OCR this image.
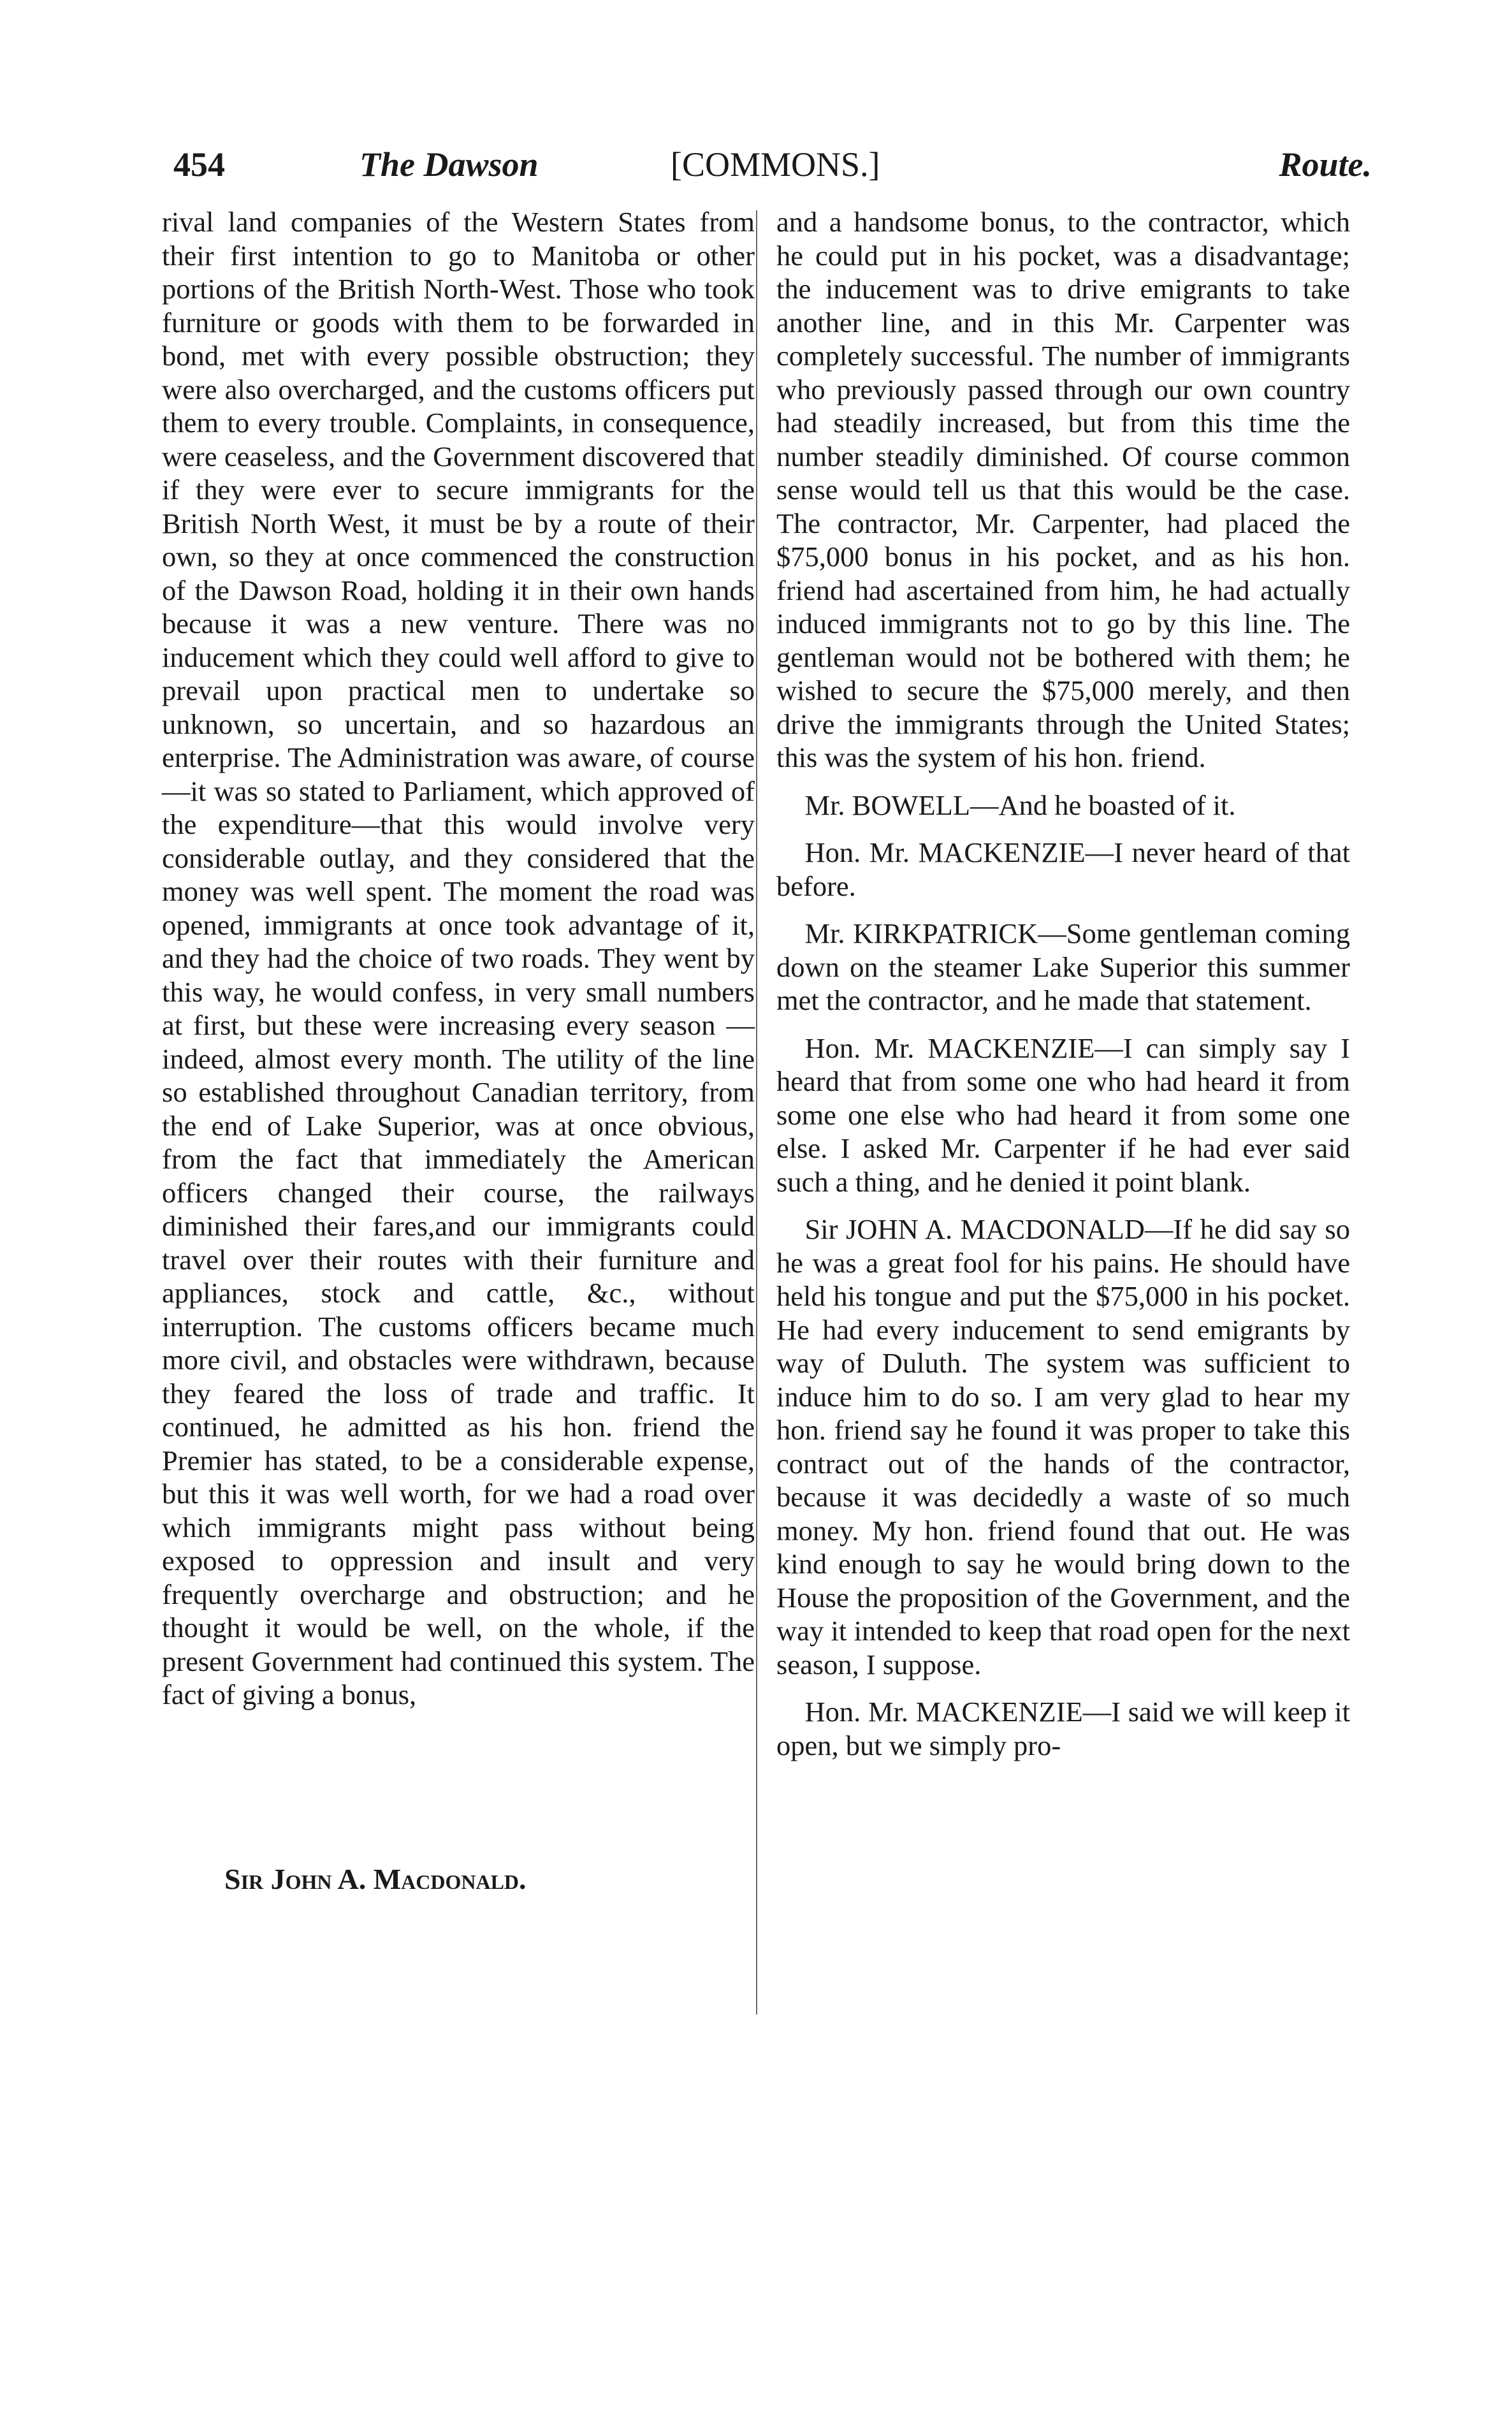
454	The Dawson	[COMMONS.]	Route.

rival land companies of the Western States from their first intention to go to Manitoba or other portions of the British North-West. Those who took furniture or goods with them to be forwarded in bond, met with every possible obstruction; they were also overcharged, and the customs officers put them to every trouble. Complaints, in consequence, were ceaseless, and the Government discovered that if they were ever to secure immigrants for the British North West, it must be by a route of their own, so they at once commenced the construction of the Dawson Road, holding it in their own hands because it was a new venture. There was no inducement which they could well afford to give to prevail upon practical men to undertake so unknown, so uncertain, and so hazardous an enterprise. The Administration was aware, of course—it was so stated to Parliament, which approved of the expenditure—that this would involve very considerable outlay, and they considered that the money was well spent. The moment the road was opened, immigrants at once took advantage of it, and they had the choice of two roads. They went by this way, he would confess, in very small numbers at first, but these were increasing every season —indeed, almost every month. The utility of the line so established throughout Canadian territory, from the end of Lake Superior, was at once obvious, from the fact that immediately the American officers changed their course, the railways diminished their fares,and our immigrants could travel over their routes with their furniture and appliances, stock and cattle, &c., without interruption. The customs officers became much more civil, and obstacles were withdrawn, because they feared the loss of trade and traffic. It continued, he admitted as his hon. friend the Premier has stated, to be a considerable expense, but this it was well worth, for we had a road over which immigrants might pass without being exposed to oppression and insult and very frequently overcharge and obstruction; and he thought it would be well, on the whole, if the present Government had continued this system. The fact of giving a bonus,

and a handsome bonus, to the contractor, which he could put in his pocket, was a disadvantage; the inducement was to drive emigrants to take another line, and in this Mr. Carpenter was completely successful. The number of immigrants who previously passed through our own country had steadily increased, but from this time the number steadily diminished. Of course common sense would tell us that this would be the case. The contractor, Mr. Carpenter, had placed the $75,000 bonus in his pocket, and as his hon. friend had ascertained from him, he had actually induced immigrants not to go by this line. The gentleman would not be bothered with them; he wished to secure the $75,000 merely, and then drive the immigrants through the United States; this was the system of his hon. friend.

Mr. BOWELL—And he boasted of it.

Hon. Mr. MACKENZIE—I never heard of that before.

Mr. KIRKPATRICK—Some gentleman coming down on the steamer Lake Superior this summer met the contractor, and he made that statement.

Hon. Mr. MACKENZIE—I can simply say I heard that from some one who had heard it from some one else who had heard it from some one else. I asked Mr. Carpenter if he had ever said such a thing, and he denied it point blank.

Sir JOHN A. MACDONALD—If he did say so he was a great fool for his pains. He should have held his tongue and put the $75,000 in his pocket. He had every inducement to send emigrants by way of Duluth. The system was sufficient to induce him to do so. I am very glad to hear my hon. friend say he found it was proper to take this contract out of the hands of the contractor, because it was decidedly a waste of so much money. My hon. friend found that out. He was kind enough to say he would bring down to the House the proposition of the Government, and the way it intended to keep that road open for the next season, I suppose.

Hon. Mr. MACKENZIE—I said we will keep it open, but we simply pro-

Sir John A. Macdonald.
